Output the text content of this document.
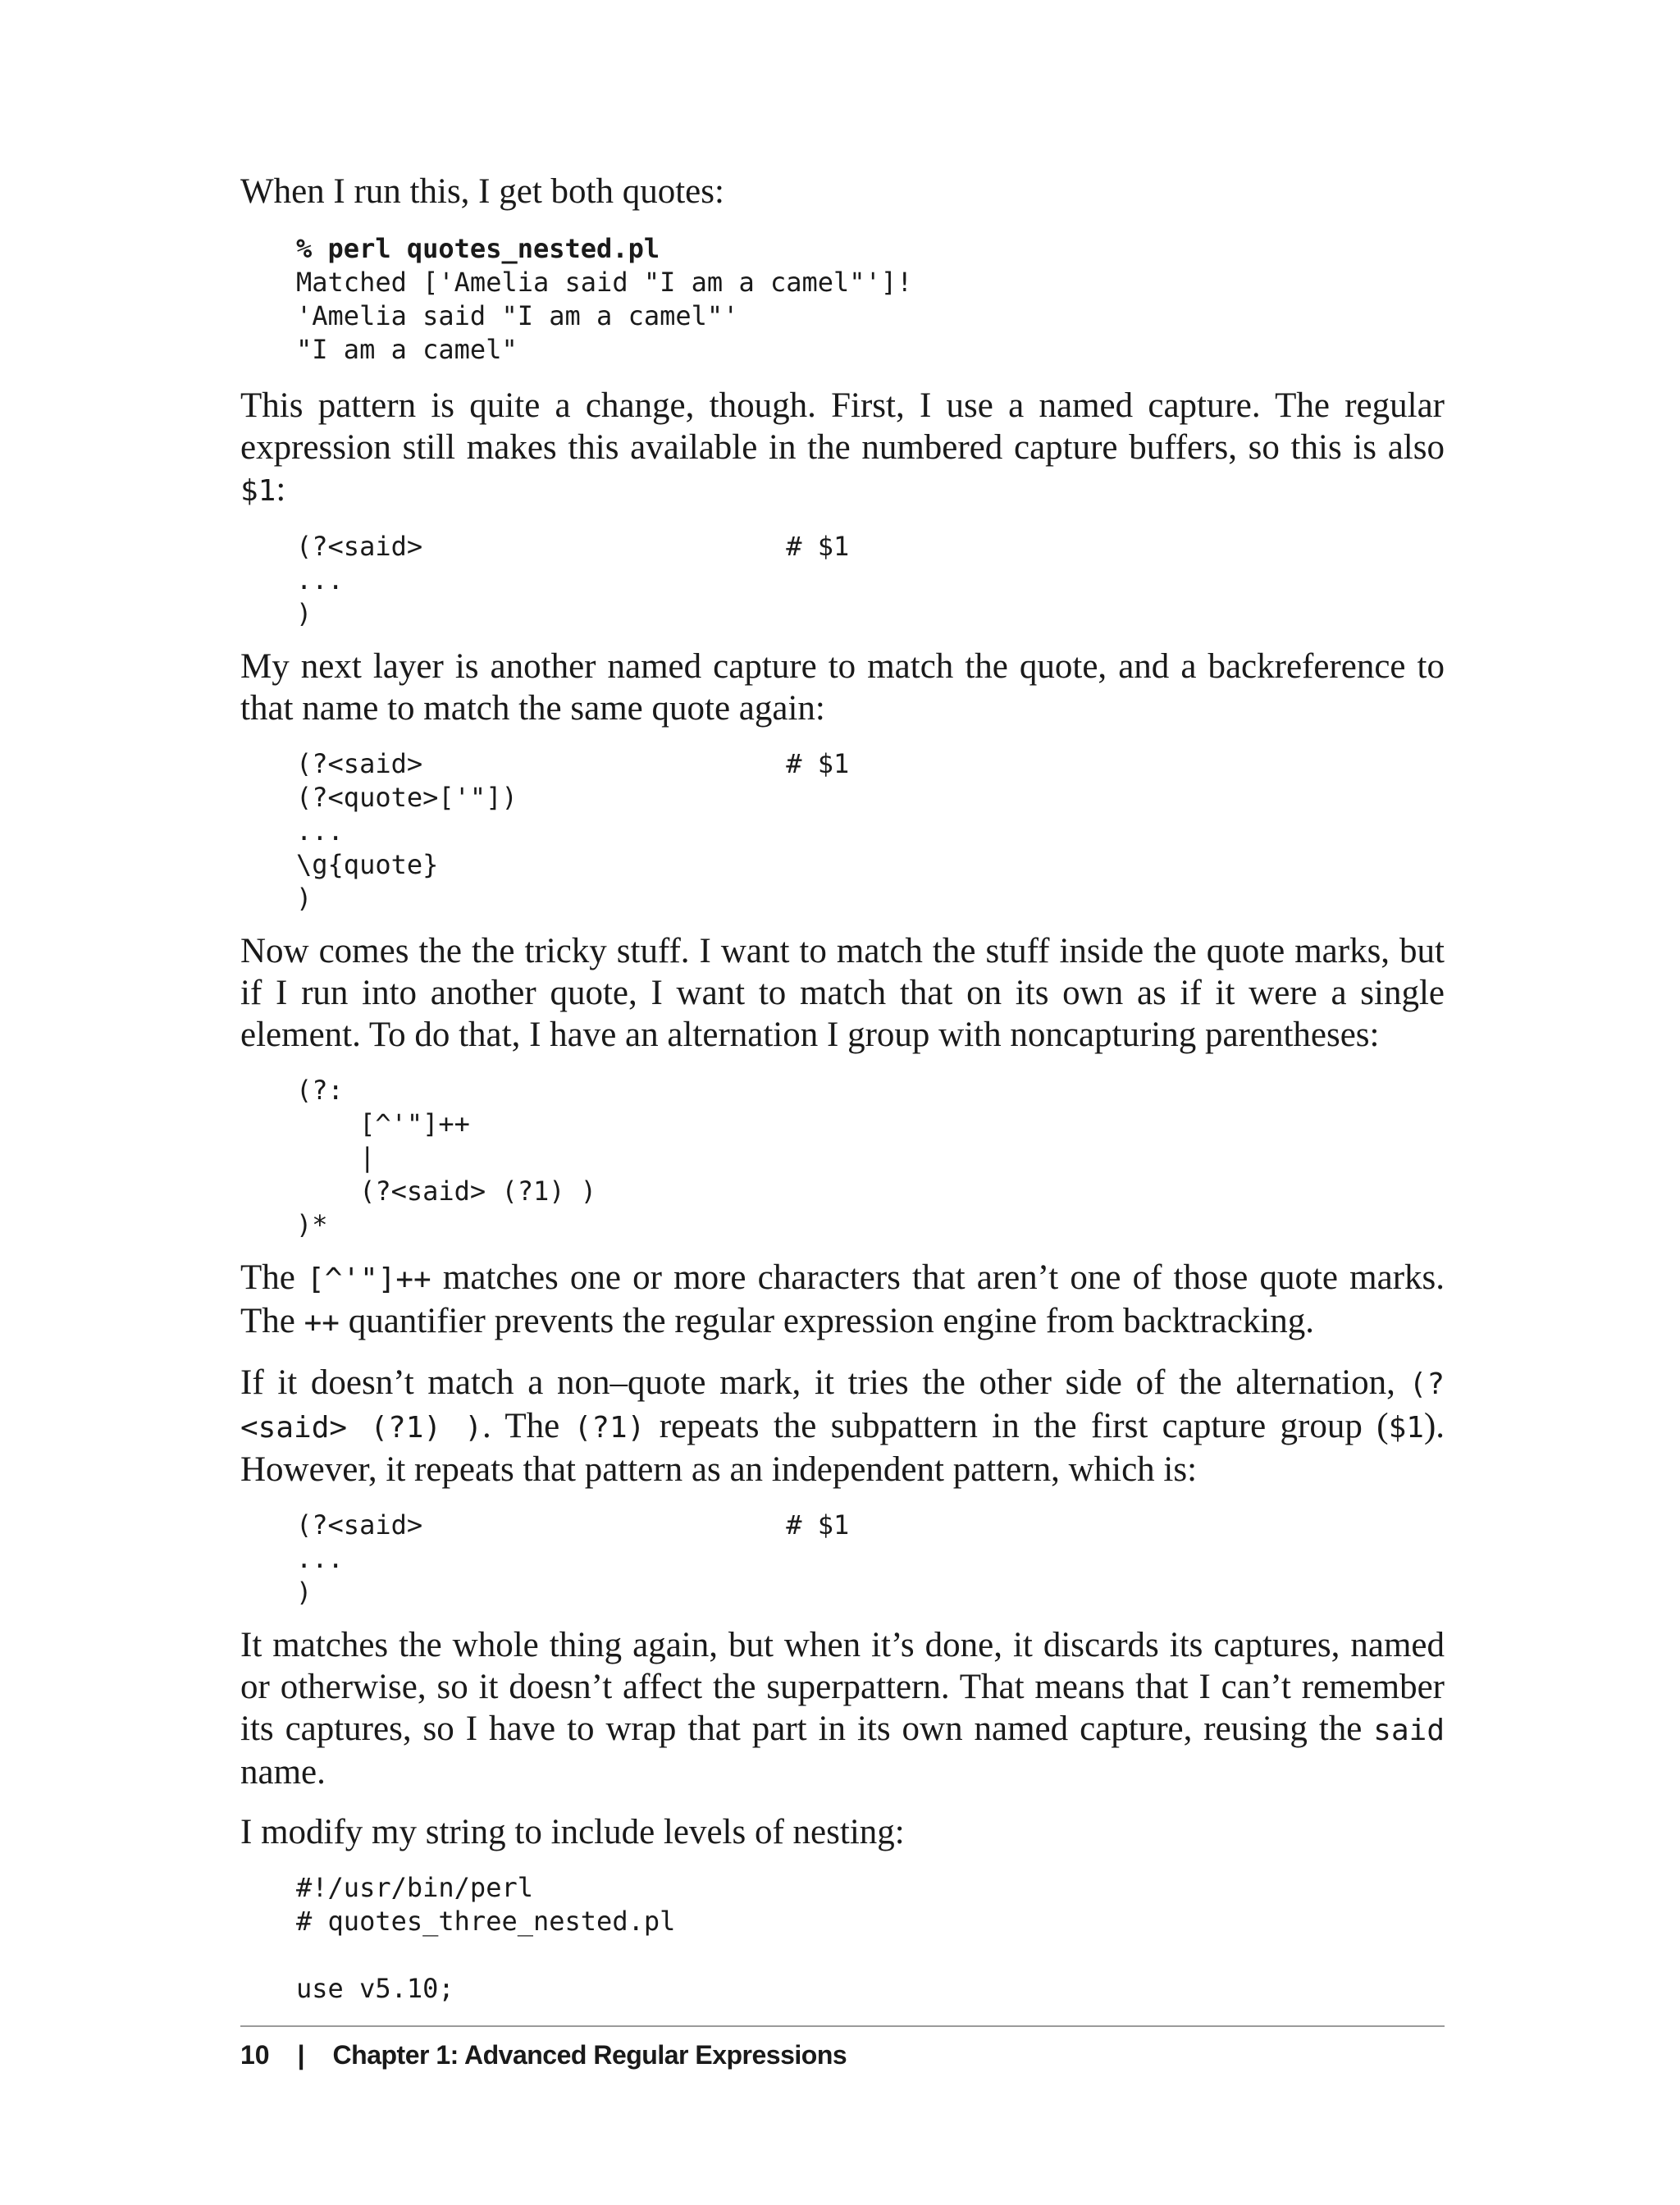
When I run this, I get both quotes:

% perl quotes_nested.pl
Matched ['Amelia said "I am a camel"']!
'Amelia said "I am a camel"'
"I am a camel"

This pattern is quite a change, though. First, I use a named capture. The regular expression still makes this available in the numbered capture buffers, so this is also $1:

(?<said>                       # $1
...
)

My next layer is another named capture to match the quote, and a backreference to that name to match the same quote again:

(?<said>                       # $1
(?<quote>['"])
...
\g{quote}
)

Now comes the the tricky stuff. I want to match the stuff inside the quote marks, but if I run into another quote, I want to match that on its own as if it were a single element. To do that, I have an alternation I group with noncapturing parentheses:

(?:
[^'"]++
|
(?<said> (?1) )
)*

The [^'"]++ matches one or more characters that aren’t one of those quote marks. The ++ quantifier prevents the regular expression engine from backtracking.

If it doesn’t match a non–quote mark, it tries the other side of the alternation, (?<said> (?1) ). The (?1) repeats the subpattern in the first capture group ($1). However, it repeats that pattern as an independent pattern, which is:

(?<said>                       # $1
...
)

It matches the whole thing again, but when it’s done, it discards its captures, named or otherwise, so it doesn’t affect the superpattern. That means that I can’t remember its captures, so I have to wrap that part in its own named capture, reusing the said name.

I modify my string to include levels of nesting:

#!/usr/bin/perl
# quotes_three_nested.pl

use v5.10;
10 | Chapter 1: Advanced Regular Expressions
